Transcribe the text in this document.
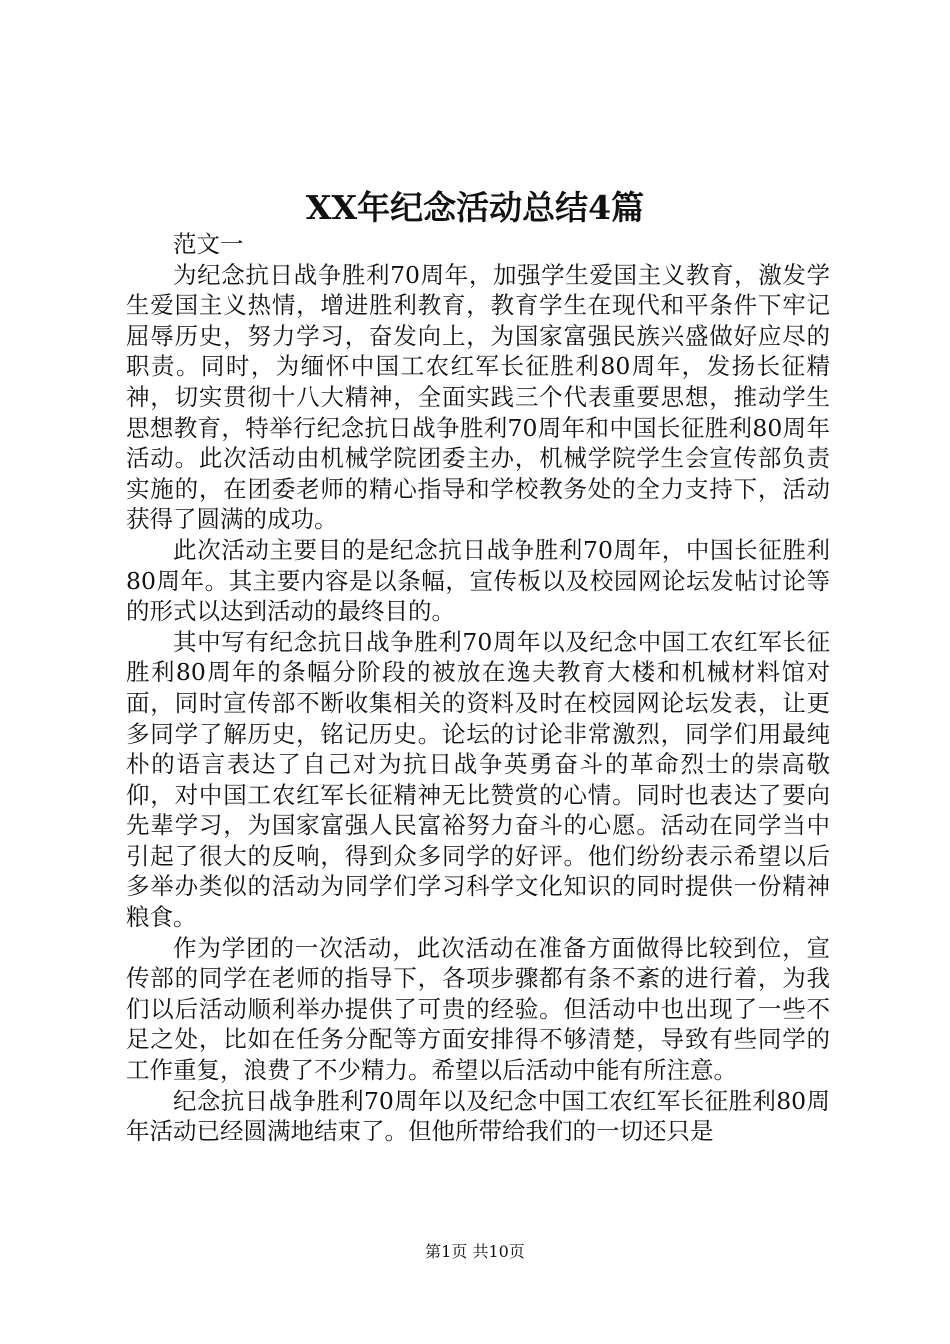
XX年纪念活动总结4篇

范文一

为纪念抗日战争胜利70周年，加强学生爱国主义教育，激发学生爱国主义热情，增进胜利教育，教育学生在现代和平条件下牢记屈辱历史，努力学习，奋发向上，为国家富强民族兴盛做好应尽的职责。同时，为缅怀中国工农红军长征胜利80周年，发扬长征精神，切实贯彻十八大精神，全面实践三个代表重要思想，推动学生思想教育，特举行纪念抗日战争胜利70周年和中国长征胜利80周年活动。此次活动由机械学院团委主办，机械学院学生会宣传部负责实施的，在团委老师的精心指导和学校教务处的全力支持下，活动获得了圆满的成功。

此次活动主要目的是纪念抗日战争胜利70周年，中国长征胜利80周年。其主要内容是以条幅，宣传板以及校园网论坛发帖讨论等的形式以达到活动的最终目的。

其中写有纪念抗日战争胜利70周年以及纪念中国工农红军长征胜利80周年的条幅分阶段的被放在逸夫教育大楼和机械材料馆对面，同时宣传部不断收集相关的资料及时在校园网论坛发表，让更多同学了解历史，铭记历史。论坛的讨论非常激烈，同学们用最纯朴的语言表达了自己对为抗日战争英勇奋斗的革命烈士的崇高敬仰，对中国工农红军长征精神无比赞赏的心情。同时也表达了要向先辈学习，为国家富强人民富裕努力奋斗的心愿。活动在同学当中引起了很大的反响，得到众多同学的好评。他们纷纷表示希望以后多举办类似的活动为同学们学习科学文化知识的同时提供一份精神粮食。

作为学团的一次活动，此次活动在准备方面做得比较到位，宣传部的同学在老师的指导下，各项步骤都有条不紊的进行着，为我们以后活动顺利举办提供了可贵的经验。但活动中也出现了一些不足之处，比如在任务分配等方面安排得不够清楚，导致有些同学的工作重复，浪费了不少精力。希望以后活动中能有所注意。

纪念抗日战争胜利70周年以及纪念中国工农红军长征胜利80周年活动已经圆满地结束了。但他所带给我们的一切还只是

第1页 共10页
